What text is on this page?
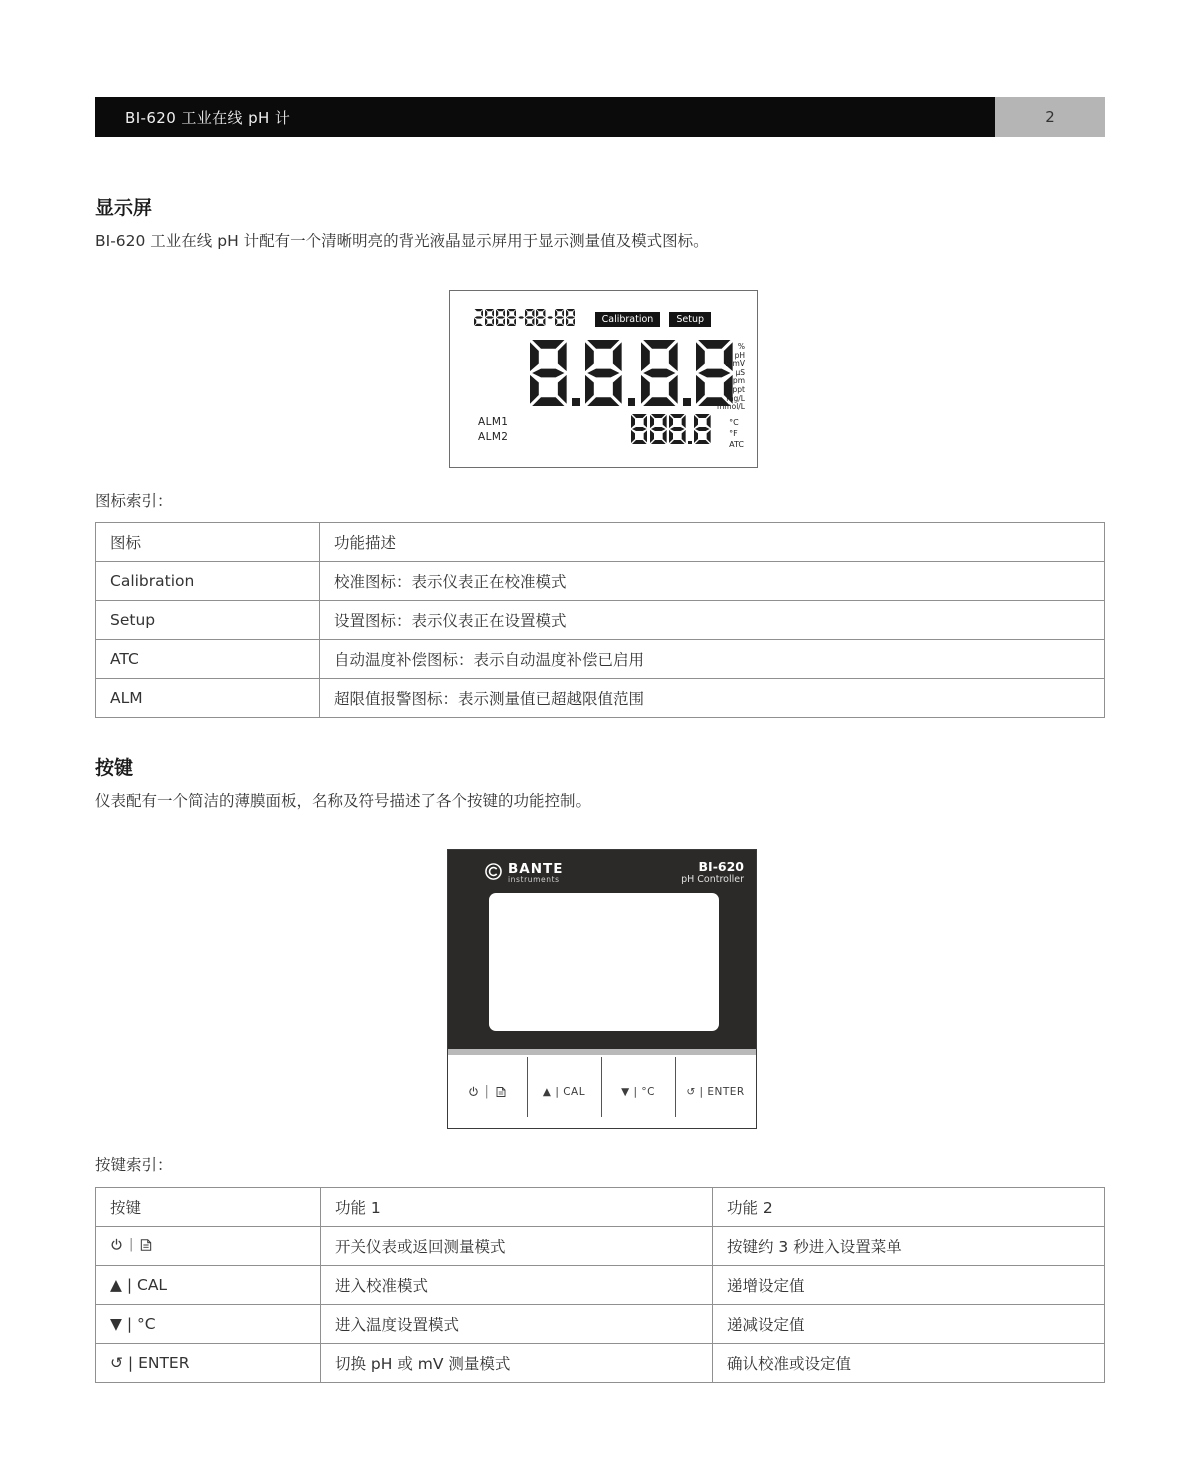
BI-620 工业在线 pH 计	2
显示屏
BI-620 工业在线 pH 计配有一个清晰明亮的背光液晶显示屏用于显示测量值及模式图标。
Calibration	Setup
%
pH
R.mV
µS
ppm
ppt
mg/L
mmol/L
ALM1
ALM2
°C
°F
ATC
图标索引：
图标	功能描述
Calibration	校准图标：表示仪表正在校准模式
Setup	设置图标：表示仪表正在设置模式
ATC	自动温度补偿图标：表示自动温度补偿已启用
ALM	超限值报警图标：表示测量值已超越限值范围
按键
仪表配有一个简洁的薄膜面板，名称及符号描述了各个按键的功能控制。
BANTE
instruments
BI-620
pH Controller
|	▲ | CAL	▼ | °C	↺ | ENTER
按键索引：
按键	功能 1	功能 2

|	开关仪表或返回测量模式	按键约 3 秒进入设置菜单
▲ | CAL	进入校准模式	递增设定值
▼ | °C	进入温度设置模式	递减设定值
↺ | ENTER	切换 pH 或 mV 测量模式	确认校准或设定值
